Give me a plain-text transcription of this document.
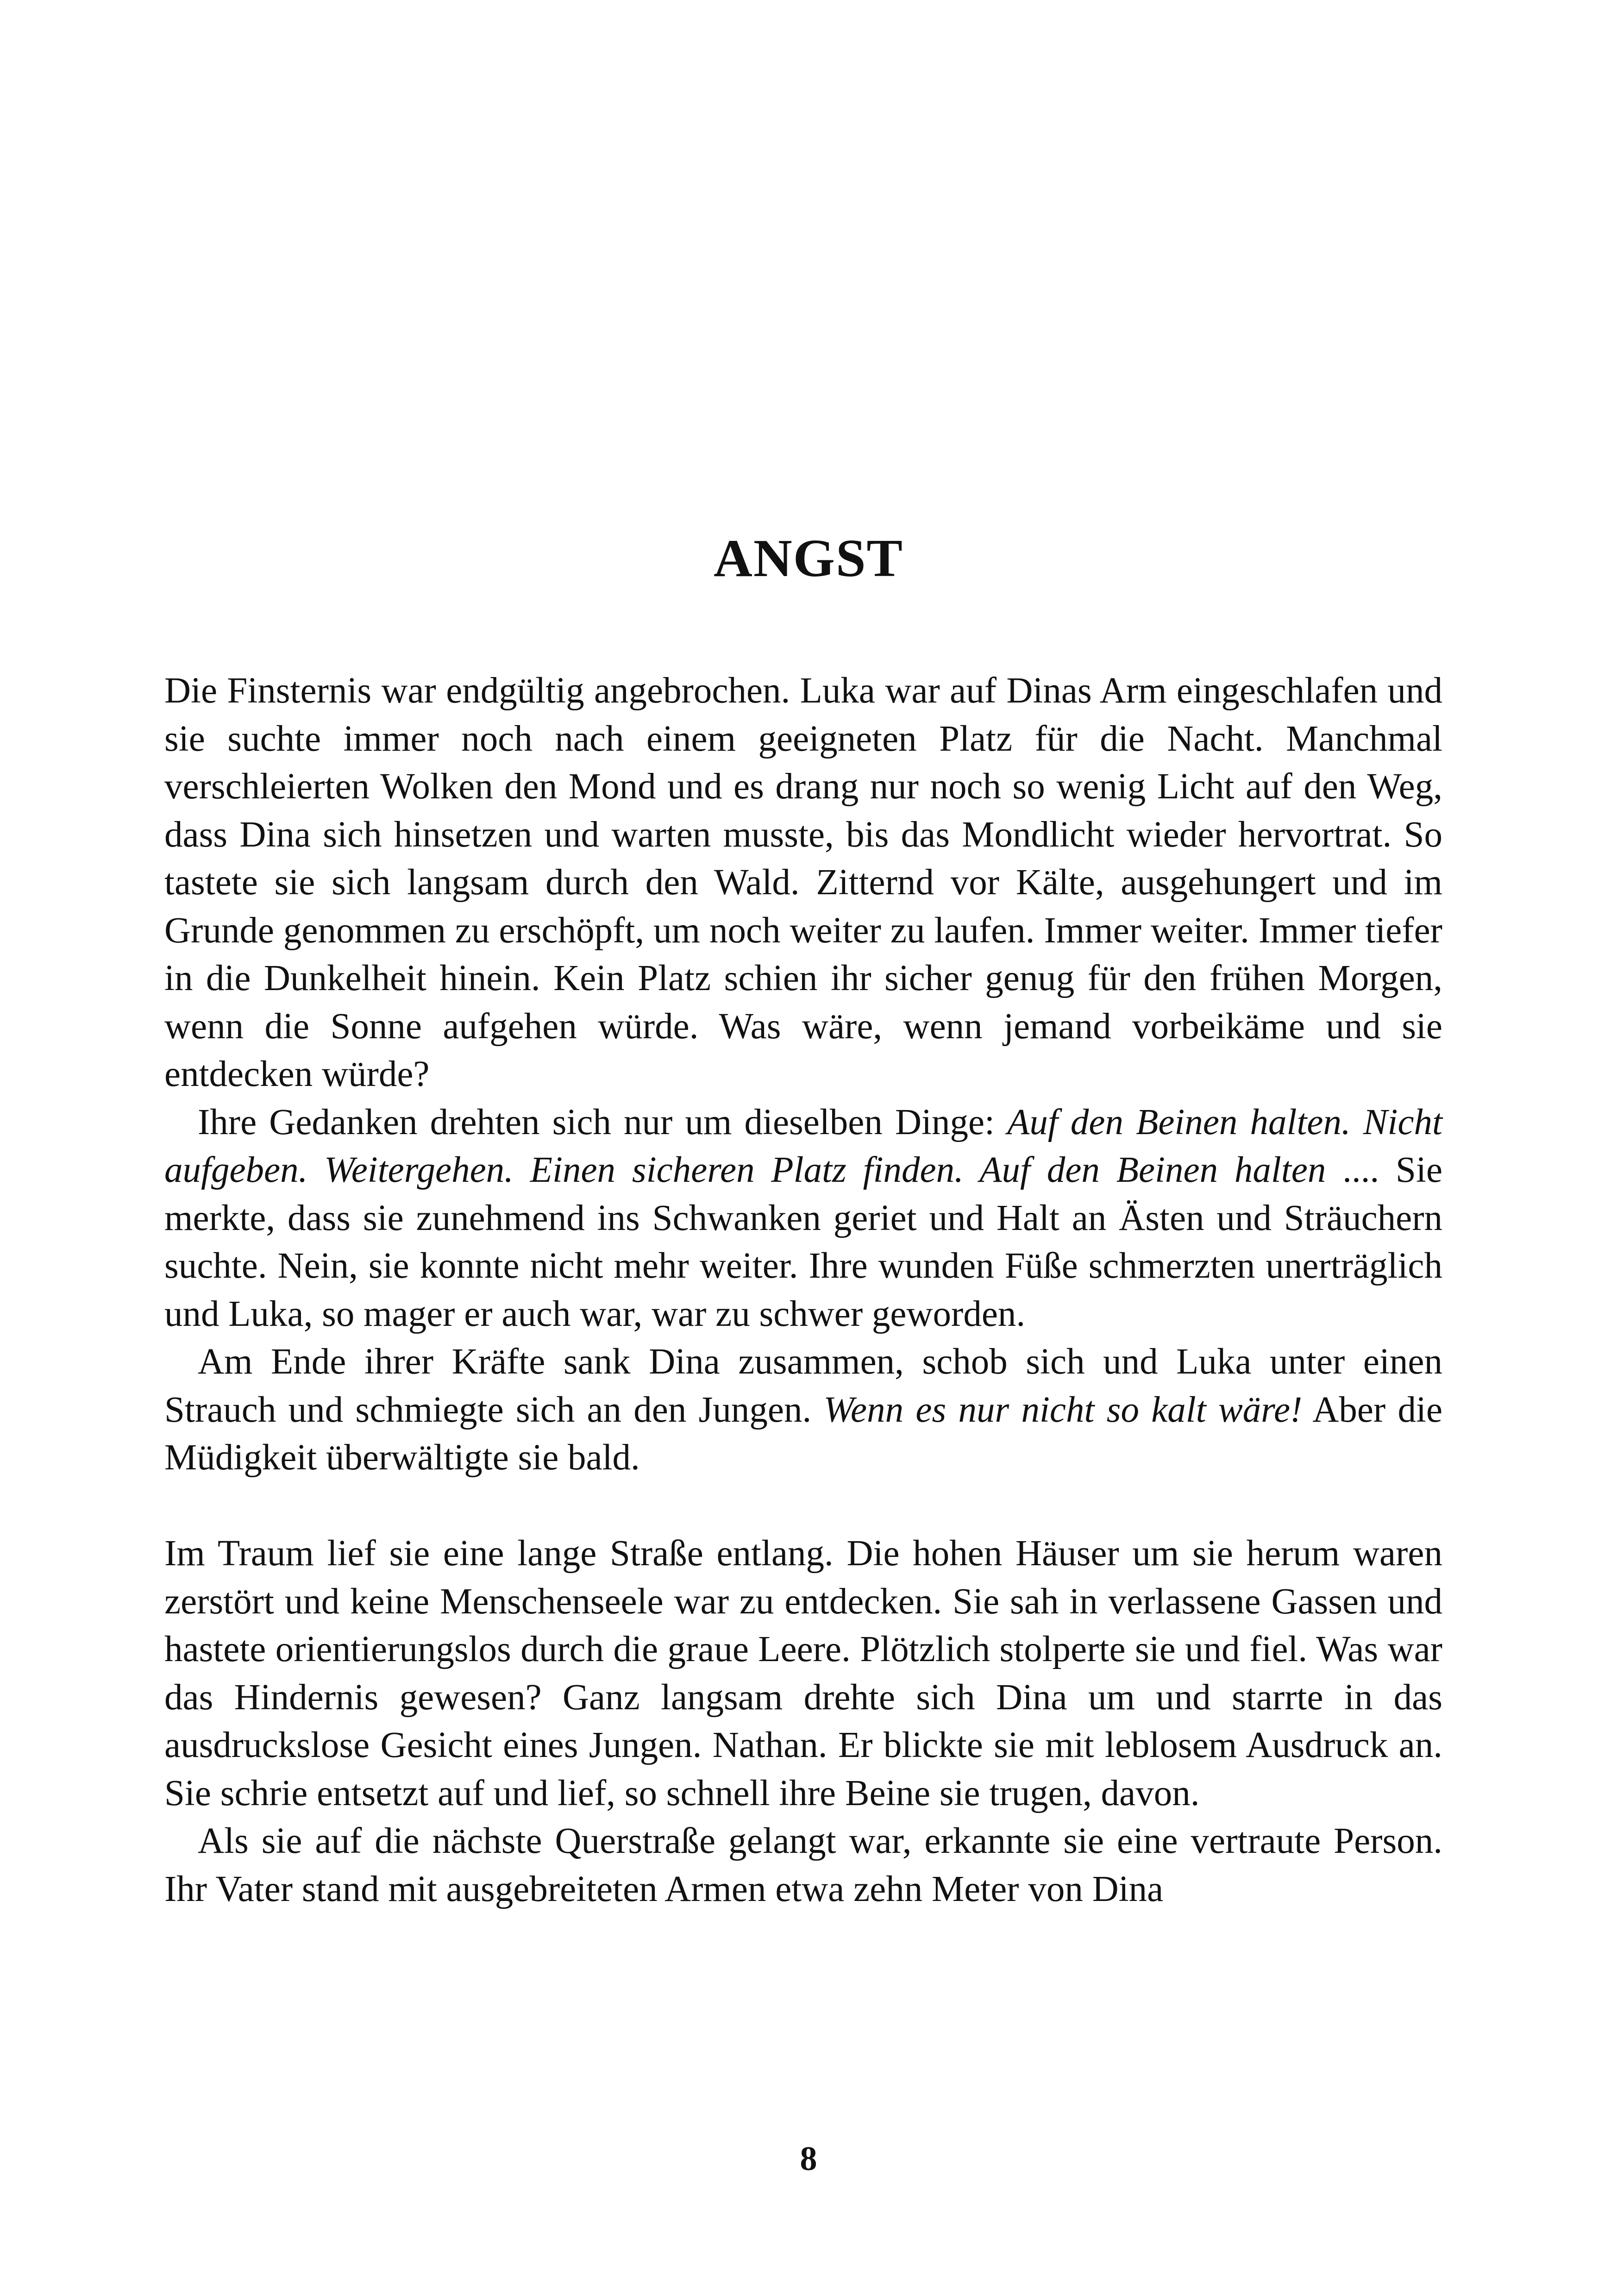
ANGST

Die Finsternis war endgültig angebrochen. Luka war auf Dinas Arm eingeschlafen und sie suchte immer noch nach einem geeigneten Platz für die Nacht. Manchmal verschleierten Wolken den Mond und es drang nur noch so wenig Licht auf den Weg, dass Dina sich hinsetzen und warten musste, bis das Mondlicht wieder hervortrat. So tastete sie sich langsam durch den Wald. Zitternd vor Kälte, ausgehungert und im Grunde genommen zu erschöpft, um noch weiter zu laufen. Immer weiter. Immer tiefer in die Dunkelheit hinein. Kein Platz schien ihr sicher genug für den frühen Morgen, wenn die Sonne aufgehen würde. Was wäre, wenn jemand vorbeikäme und sie entdecken würde?

Ihre Gedanken drehten sich nur um dieselben Dinge: Auf den Beinen halten. Nicht aufgeben. Weitergehen. Einen sicheren Platz finden. Auf den Beinen halten .... Sie merkte, dass sie zunehmend ins Schwanken geriet und Halt an Ästen und Sträuchern suchte. Nein, sie konnte nicht mehr weiter. Ihre wunden Füße schmerzten unerträglich und Luka, so mager er auch war, war zu schwer geworden.

Am Ende ihrer Kräfte sank Dina zusammen, schob sich und Luka unter einen Strauch und schmiegte sich an den Jungen. Wenn es nur nicht so kalt wäre! Aber die Müdigkeit überwältigte sie bald.

Im Traum lief sie eine lange Straße entlang. Die hohen Häuser um sie herum waren zerstört und keine Menschenseele war zu entdecken. Sie sah in verlassene Gassen und hastete orientierungslos durch die graue Leere. Plötzlich stolperte sie und fiel. Was war das Hindernis gewesen? Ganz langsam drehte sich Dina um und starrte in das ausdruckslose Gesicht eines Jungen. Nathan. Er blickte sie mit leblosem Ausdruck an. Sie schrie entsetzt auf und lief, so schnell ihre Beine sie trugen, davon.

Als sie auf die nächste Querstraße gelangt war, erkannte sie eine vertraute Person. Ihr Vater stand mit ausgebreiteten Armen etwa zehn Meter von Dina

8
